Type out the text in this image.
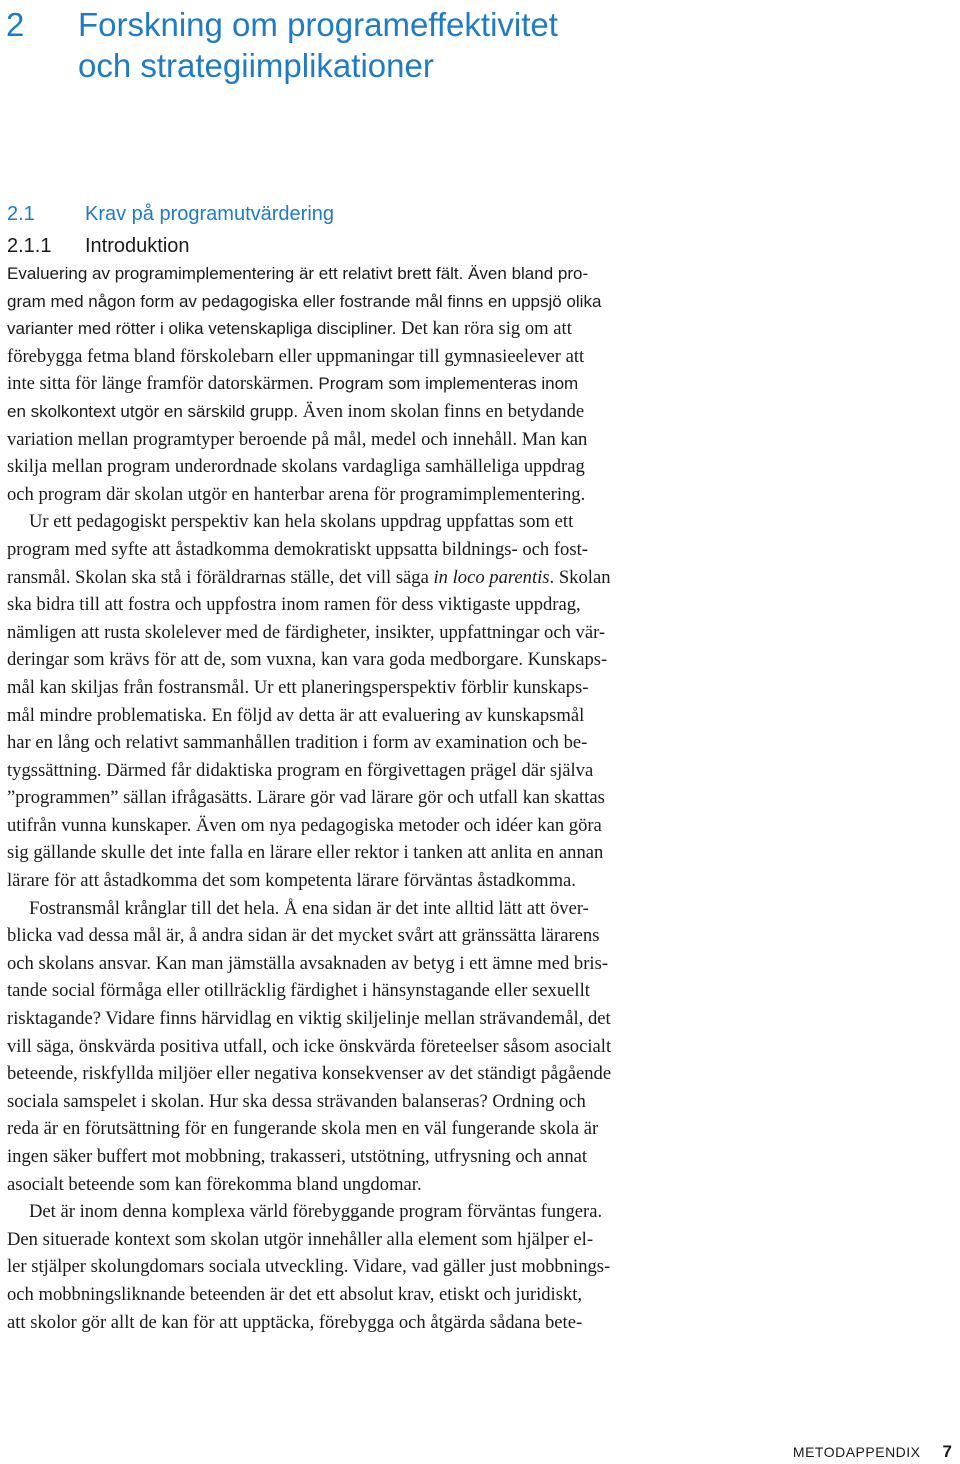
2 Forskning om programeffektivitet
och strategiimplikationer
2.1	Krav på programutvärdering
2.1.1 Introduktion
Evaluering av programimplementering är ett relativt brett fält. Även bland pro-
gram med någon form av pedagogiska eller fostrande mål finns en uppsjö olika
varianter med rötter i olika vetenskapliga discipliner. Det kan röra sig om att
förebygga fetma bland förskolebarn eller uppmaningar till gymnasieelever att
inte sitta för länge framför datorskärmen. Program som implementeras inom
en skolkontext utgör en särskild grupp. Även inom skolan finns en betydande
variation mellan programtyper beroende på mål, medel och innehåll. Man kan
skilja mellan program underordnade skolans vardagliga samhälleliga uppdrag
och program där skolan utgör en hanterbar arena för programimplementering.
Ur ett pedagogiskt perspektiv kan hela skolans uppdrag uppfattas som ett
program med syfte att åstadkomma demokratiskt uppsatta bildnings- och fost-
ransmål. Skolan ska stå i föräldrarnas ställe, det vill säga in loco parentis. Skolan
ska bidra till att fostra och uppfostra inom ramen för dess viktigaste uppdrag,
nämligen att rusta skolelever med de färdigheter, insikter, uppfattningar och vär-
deringar som krävs för att de, som vuxna, kan vara goda medborgare. Kunskaps-
mål kan skiljas från fostransmål. Ur ett planeringsperspektiv förblir kunskaps-
mål mindre problematiska. En följd av detta är att evaluering av kunskapsmål
har en lång och relativt sammanhållen tradition i form av examination och be-
tygssättning. Därmed får didaktiska program en förgivettagen prägel där själva
”programmen” sällan ifrågasätts. Lärare gör vad lärare gör och utfall kan skattas
utifrån vunna kunskaper. Även om nya pedagogiska metoder och idéer kan göra
sig gällande skulle det inte falla en lärare eller rektor i tanken att anlita en annan
lärare för att åstadkomma det som kompetenta lärare förväntas åstadkomma.
Fostransmål krånglar till det hela. Å ena sidan är det inte alltid lätt att över-
blicka vad dessa mål är, å andra sidan är det mycket svårt att gränssätta lärarens
och skolans ansvar. Kan man jämställa avsaknaden av betyg i ett ämne med bris-
tande social förmåga eller otillräcklig färdighet i hänsynstagande eller sexuellt
risktagande? Vidare finns härvidlag en viktig skiljelinje mellan strävandemål, det
vill säga, önskvärda positiva utfall, och icke önskvärda företeelser såsom asocialt
beteende, riskfyllda miljöer eller negativa konsekvenser av det ständigt pågående
sociala samspelet i skolan. Hur ska dessa strävanden balanseras? Ordning och
reda är en förutsättning för en fungerande skola men en väl fungerande skola är
ingen säker buffert mot mobbning, trakasseri, utstötning, utfrysning och annat
asocialt beteende som kan förekomma bland ungdomar.
Det är inom denna komplexa värld förebyggande program förväntas fungera.
Den situerade kontext som skolan utgör innehåller alla element som hjälper el-
ler stjälper skolungdomars sociala utveckling. Vidare, vad gäller just mobbnings-
och mobbningsliknande beteenden är det ett absolut krav, etiskt och juridiskt,
att skolor gör allt de kan för att upptäcka, förebygga och åtgärda sådana bete-
METODAPPENDIX 7
